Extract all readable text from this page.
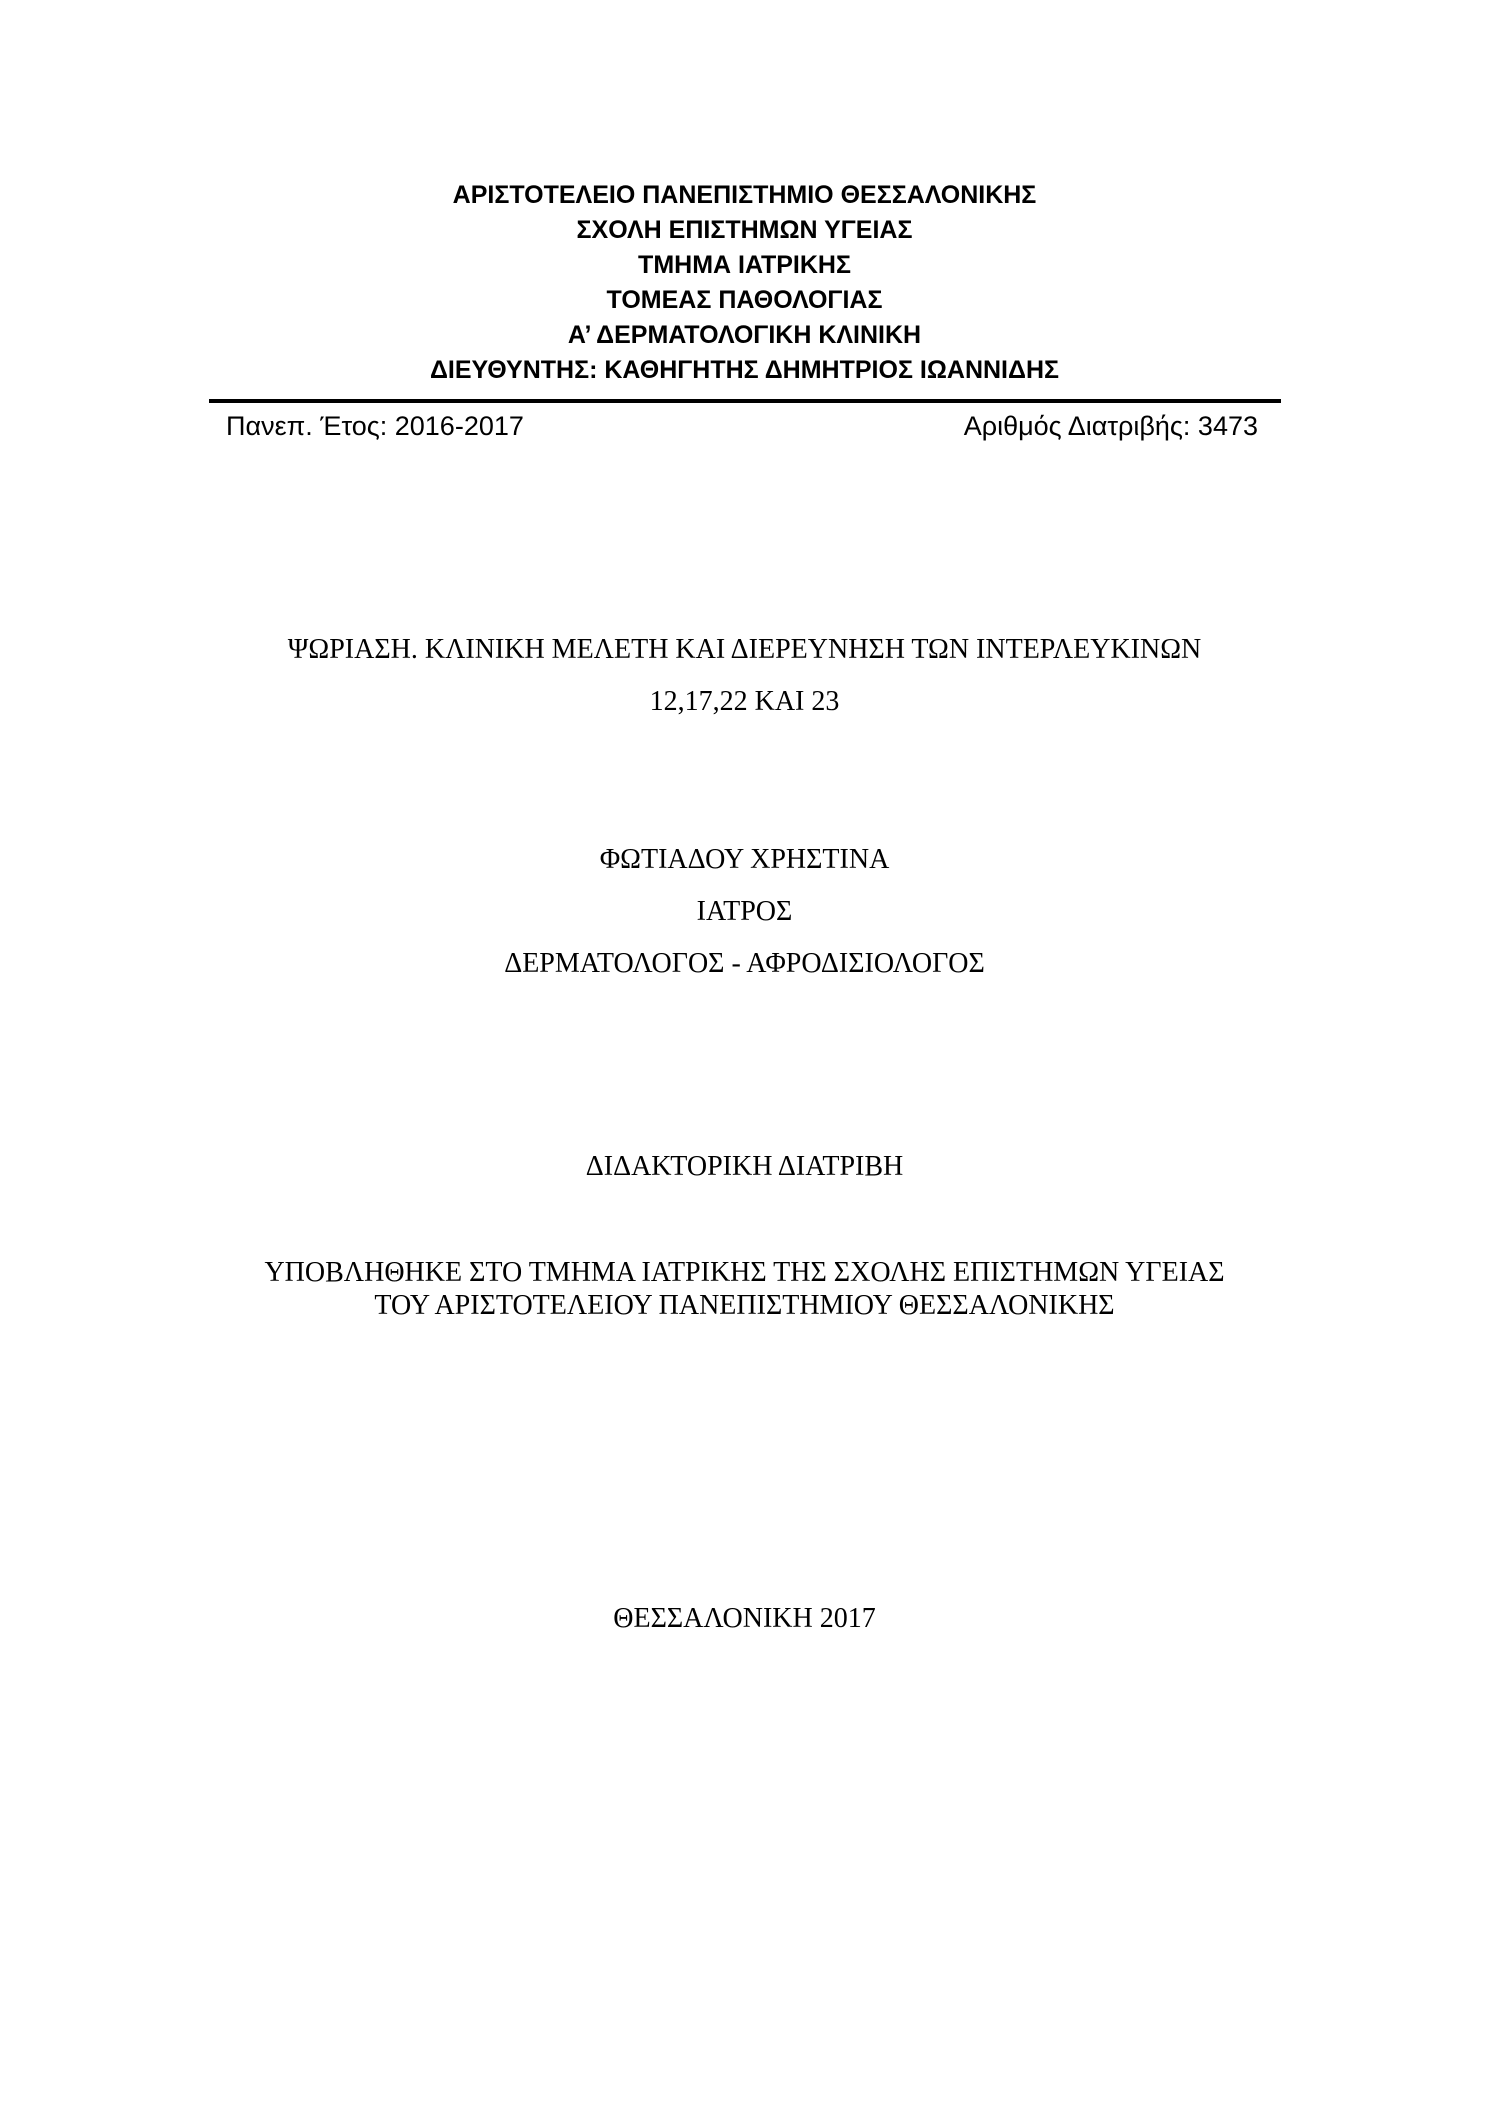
ΑΡΙΣΤΟΤΕΛΕΙΟ ΠΑΝΕΠΙΣΤΗΜΙΟ ΘΕΣΣΑΛΟΝΙΚΗΣ
ΣΧΟΛΗ ΕΠΙΣΤΗΜΩΝ ΥΓΕΙΑΣ
ΤΜΗΜΑ ΙΑΤΡΙΚΗΣ
ΤΟΜΕΑΣ ΠΑΘΟΛΟΓΙΑΣ
Α’ ΔΕΡΜΑΤΟΛΟΓΙΚΗ ΚΛΙΝΙΚΗ
ΔΙΕΥΘΥΝΤΗΣ: ΚΑΘΗΓΗΤΗΣ ΔΗΜΗΤΡΙΟΣ ΙΩΑΝΝΙΔΗΣ
Πανεπ. Έτος: 2016-2017	Αριθμός Διατριβής: 3473
ΨΩΡΙΑΣΗ. ΚΛΙΝΙΚΗ ΜΕΛΕΤΗ ΚΑΙ ΔΙΕΡΕΥΝΗΣΗ ΤΩΝ ΙΝΤΕΡΛΕΥΚΙΝΩΝ
12,17,22 ΚΑΙ 23
ΦΩΤΙΑΔΟΥ ΧΡΗΣΤΙΝΑ
ΙΑΤΡΟΣ
ΔΕΡΜΑΤΟΛΟΓΟΣ - ΑΦΡΟΔΙΣΙΟΛΟΓΟΣ
ΔΙΔΑΚΤΟΡΙΚΗ ΔΙΑΤΡΙΒΗ
ΥΠΟΒΛΗΘΗΚΕ ΣΤΟ ΤΜΗΜΑ ΙΑΤΡΙΚΗΣ ΤΗΣ ΣΧΟΛΗΣ ΕΠΙΣΤΗΜΩΝ ΥΓΕΙΑΣ
ΤΟΥ ΑΡΙΣΤΟΤΕΛΕΙΟΥ ΠΑΝΕΠΙΣΤΗΜΙΟΥ ΘΕΣΣΑΛΟΝΙΚΗΣ
ΘΕΣΣΑΛΟΝΙΚΗ 2017
